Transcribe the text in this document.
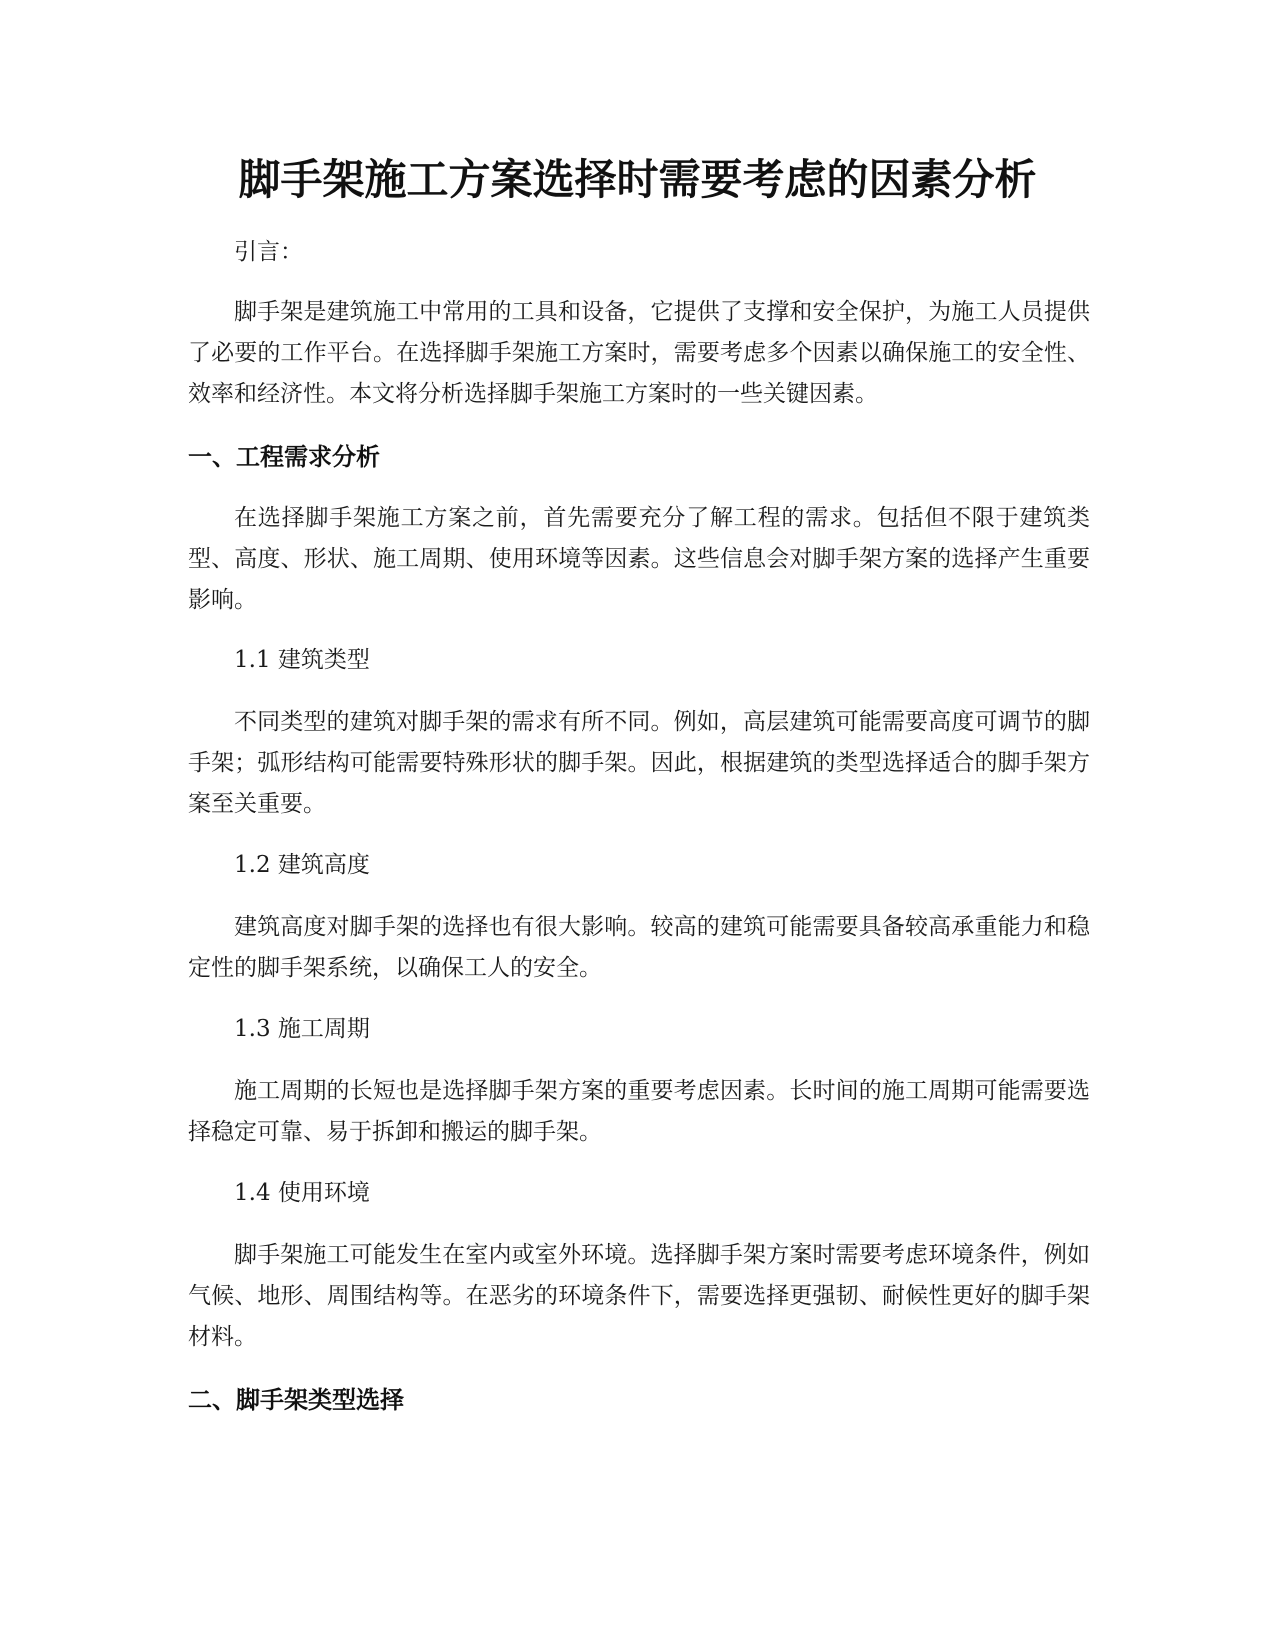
脚手架施工方案选择时需要考虑的因素分析

引言：

脚手架是建筑施工中常用的工具和设备，它提供了支撑和安全保护，为施工人员提供了必要的工作平台。在选择脚手架施工方案时，需要考虑多个因素以确保施工的安全性、效率和经济性。本文将分析选择脚手架施工方案时的一些关键因素。

一、工程需求分析

在选择脚手架施工方案之前，首先需要充分了解工程的需求。包括但不限于建筑类型、高度、形状、施工周期、使用环境等因素。这些信息会对脚手架方案的选择产生重要影响。

1.1 建筑类型

不同类型的建筑对脚手架的需求有所不同。例如，高层建筑可能需要高度可调节的脚手架；弧形结构可能需要特殊形状的脚手架。因此，根据建筑的类型选择适合的脚手架方案至关重要。

1.2 建筑高度

建筑高度对脚手架的选择也有很大影响。较高的建筑可能需要具备较高承重能力和稳定性的脚手架系统，以确保工人的安全。

1.3 施工周期

施工周期的长短也是选择脚手架方案的重要考虑因素。长时间的施工周期可能需要选择稳定可靠、易于拆卸和搬运的脚手架。

1.4 使用环境

脚手架施工可能发生在室内或室外环境。选择脚手架方案时需要考虑环境条件，例如气候、地形、周围结构等。在恶劣的环境条件下，需要选择更强韧、耐候性更好的脚手架材料。

二、脚手架类型选择
